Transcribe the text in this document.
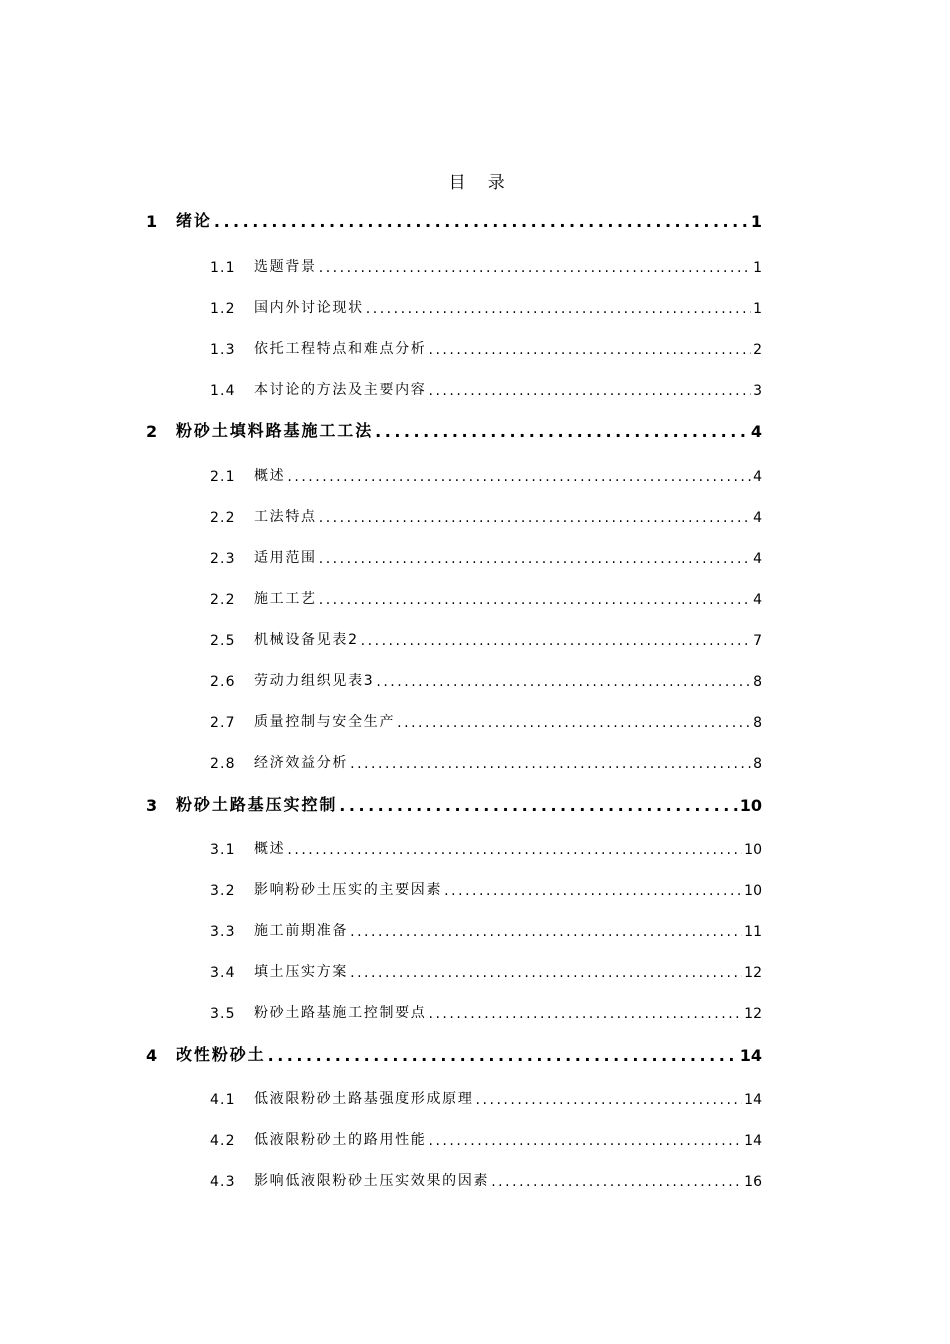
目　录
1	绪论 .....	1
1.1	选题背景 .....	1
1.2	国内外讨论现状 .....	1
1.3	依托工程特点和难点分析 .....	2
1.4	本讨论的方法及主要内容 .....	3
2	粉砂土填料路基施工工法 .....	4
2.1	概述 .....	4
2.2	工法特点 .....	4
2.3	适用范围 .....	4
2.2	施工工艺 .....	4
2.5	机械设备见表2 .....	7
2.6	劳动力组织见表3 .....	8
2.7	质量控制与安全生产 .....	8
2.8	经济效益分析 .....	8
3	粉砂土路基压实控制 .....	10
3.1	概述 .....	10
3.2	影响粉砂土压实的主要因素 .....	10
3.3	施工前期准备 .....	11
3.4	填土压实方案 .....	12
3.5	粉砂土路基施工控制要点 .....	12
4	改性粉砂土 .....	14
4.1	低液限粉砂土路基强度形成原理 .....	14
4.2	低液限粉砂土的路用性能 .....	14
4.3	影响低液限粉砂土压实效果的因素 .....	16
